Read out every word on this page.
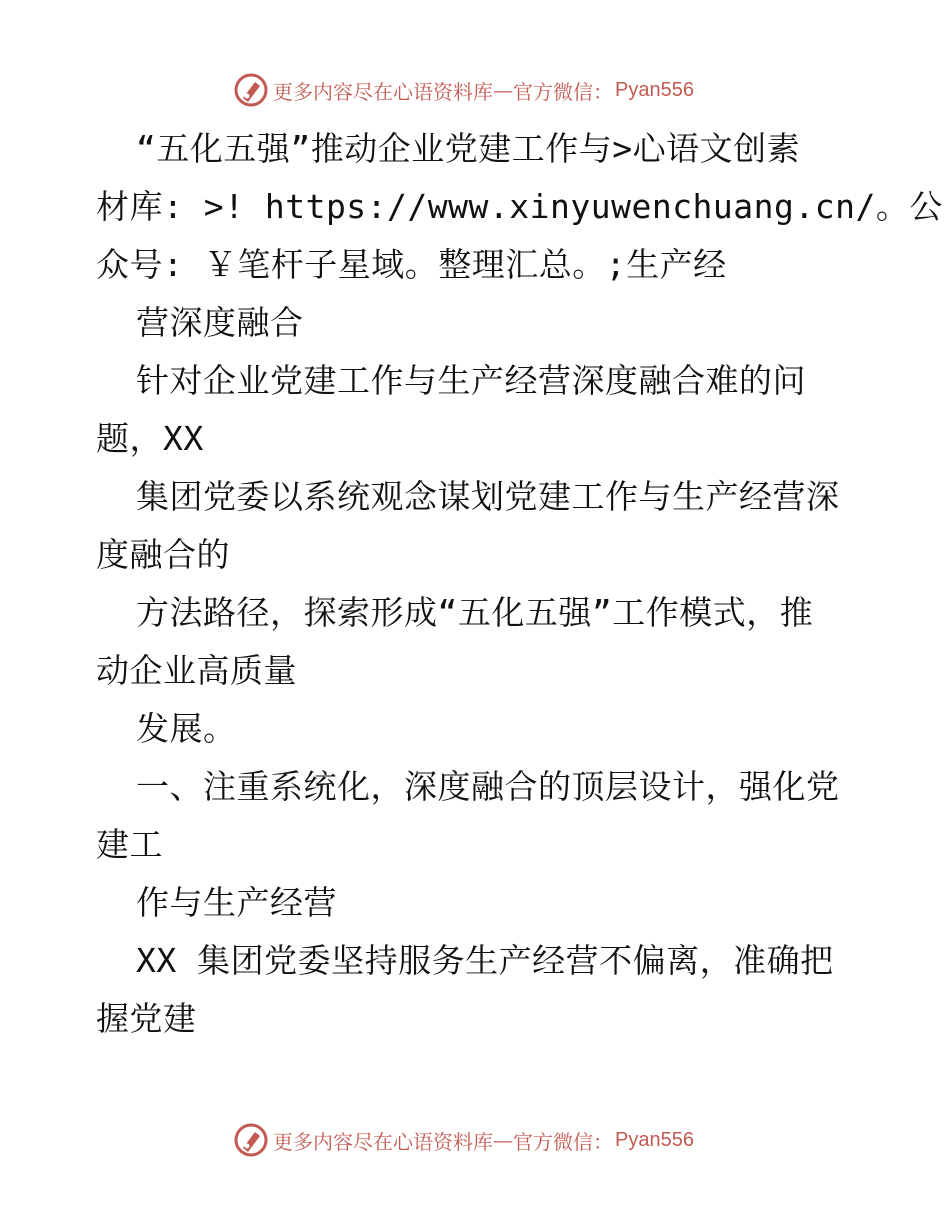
更多内容尽在心语资料库 — 官方微信： Pyan556
“五化五强”推动企业党建工作与>心语文创素
材库: >! https://www.xinyuwenchuang.cn/。公
众号: ￥笔杆子星域。整理汇总。;生产经
营深度融合
针对企业党建工作与生产经营深度融合难的问
题，XX
集团党委以系统观念谋划党建工作与生产经营深
度融合的
方法路径，探索形成“五化五强”工作模式，推
动企业高质量
发展。
一、注重系统化，深度融合的顶层设计，强化党
建工
作与生产经营
XX 集团党委坚持服务生产经营不偏离，准确把
握党建
更多内容尽在心语资料库 — 官方微信： Pyan556
